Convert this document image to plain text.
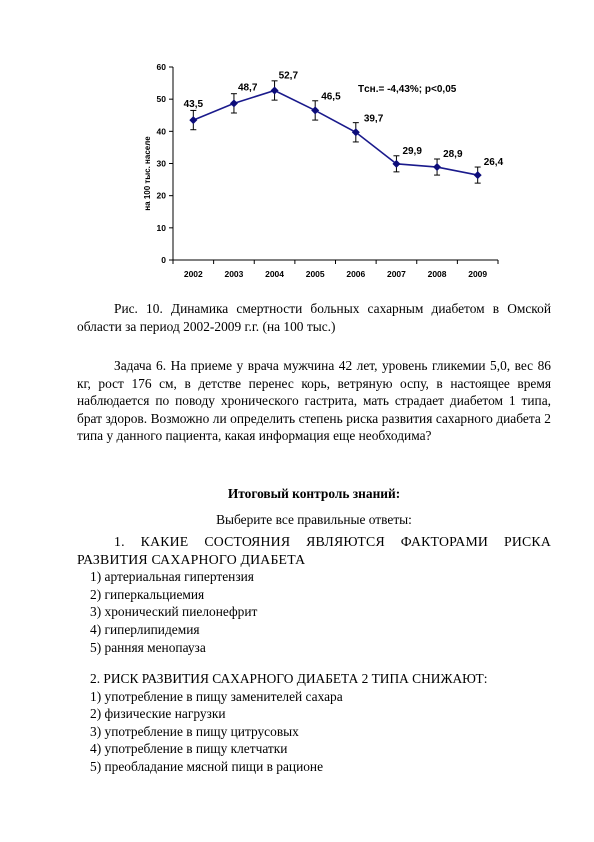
0
10
20
30
40
50
60
2002	2003	2004	2005	2006	2007	2008	2009
на 100 тыс. населе
43,5
48,7
52,7
46,5
39,7
29,9 28,9
26,4
Tсн.= -4,43%; p<0,05
Рис. 10. Динамика смертности больных сахарным диабетом в Омской области за период 2002-2009 г.г. (на 100 тыс.)
Задача 6. На приеме у врача мужчина 42 лет, уровень гликемии 5,0, вес 86 кг, рост 176 см, в детстве перенес корь, ветряную оспу, в настоящее время наблюдается по поводу хронического гастрита, мать страдает диабетом 1 типа, брат здоров. Возможно ли определить степень риска развития сахарного диабета 2 типа у данного пациента, какая информация еще необходима?
Итоговый контроль знаний:
Выберите все правильные ответы:
1. КАКИЕ СОСТОЯНИЯ ЯВЛЯЮТСЯ ФАКТОРАМИ РИСКА РАЗВИТИЯ САХАРНОГО ДИАБЕТА
1) артериальная гипертензия
2) гиперкальциемия
3) хронический пиелонефрит
4) гиперлипидемия
5) ранняя менопауза
2. РИСК РАЗВИТИЯ САХАРНОГО ДИАБЕТА 2 ТИПА СНИЖАЮТ:
1) употребление в пищу заменителей сахара
2) физические нагрузки
3) употребление в пищу цитрусовых
4) употребление в пищу клетчатки
5) преобладание мясной пищи в рационе
